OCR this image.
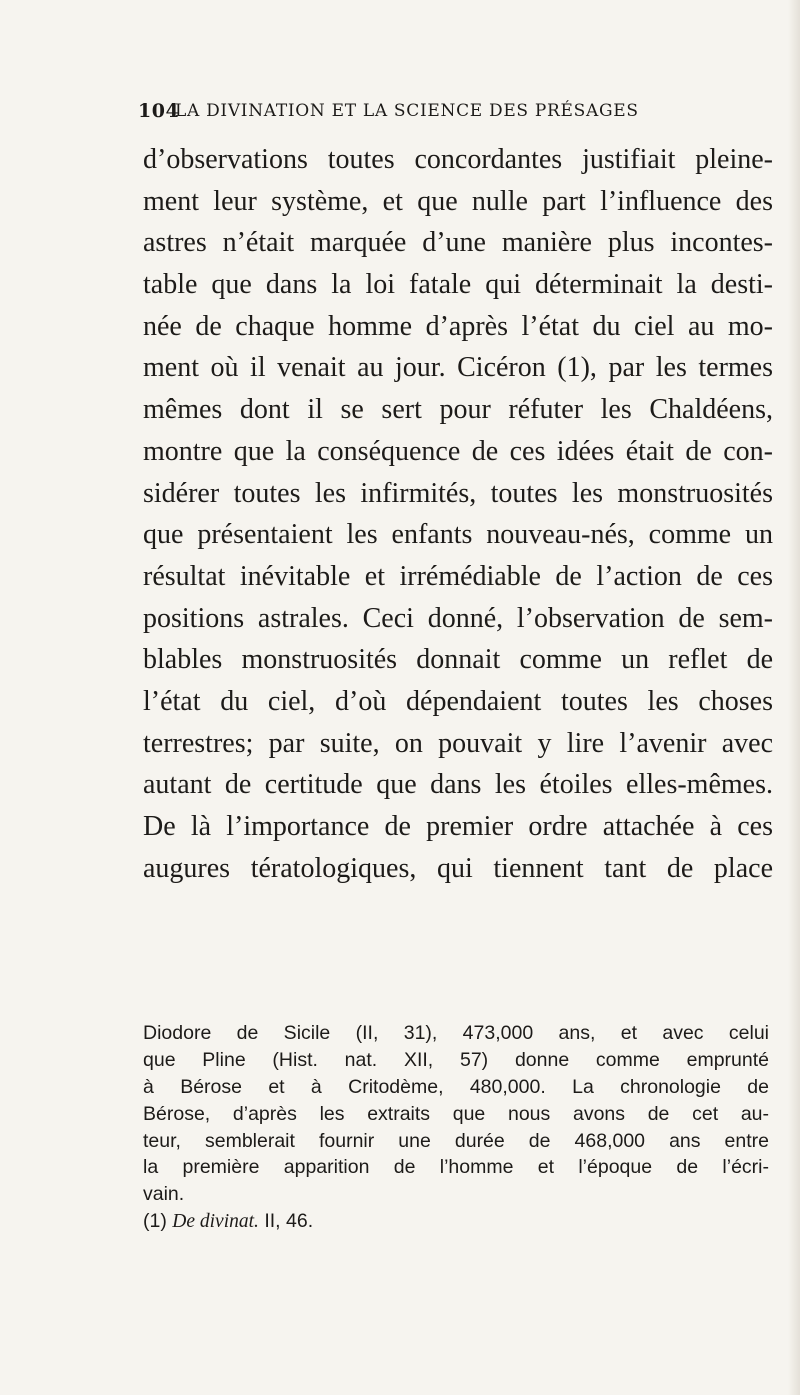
104
LA DIVINATION ET LA SCIENCE DES PRÉSAGES
d’observations toutes concordantes justifiait pleine-
ment leur système, et que nulle part l’influence des
astres n’était marquée d’une manière plus incontes-
table que dans la loi fatale qui déterminait la desti-
née de chaque homme d’après l’état du ciel au mo-
ment où il venait au jour. Cicéron (1), par les termes
mêmes dont il se sert pour réfuter les Chaldéens,
montre que la conséquence de ces idées était de con-
sidérer toutes les infirmités, toutes les monstruosités
que présentaient les enfants nouveau-nés, comme un
résultat inévitable et irrémédiable de l’action de ces
positions astrales. Ceci donné, l’observation de sem-
blables monstruosités donnait comme un reflet de
l’état du ciel, d’où dépendaient toutes les choses
terrestres; par suite, on pouvait y lire l’avenir avec
autant de certitude que dans les étoiles elles-mêmes.
De là l’importance de premier ordre attachée à ces
augures tératologiques, qui tiennent tant de place
Diodore de Sicile (II, 31), 473,000 ans, et avec celui
que Pline (Hist. nat. XII, 57) donne comme emprunté
à Bérose et à Critodème, 480,000. La chronologie de
Bérose, d’après les extraits que nous avons de cet au-
teur, semblerait fournir une durée de 468,000 ans entre
la première apparition de l’homme et l’époque de l’écri-
vain.
(1) De divinat. II, 46.
